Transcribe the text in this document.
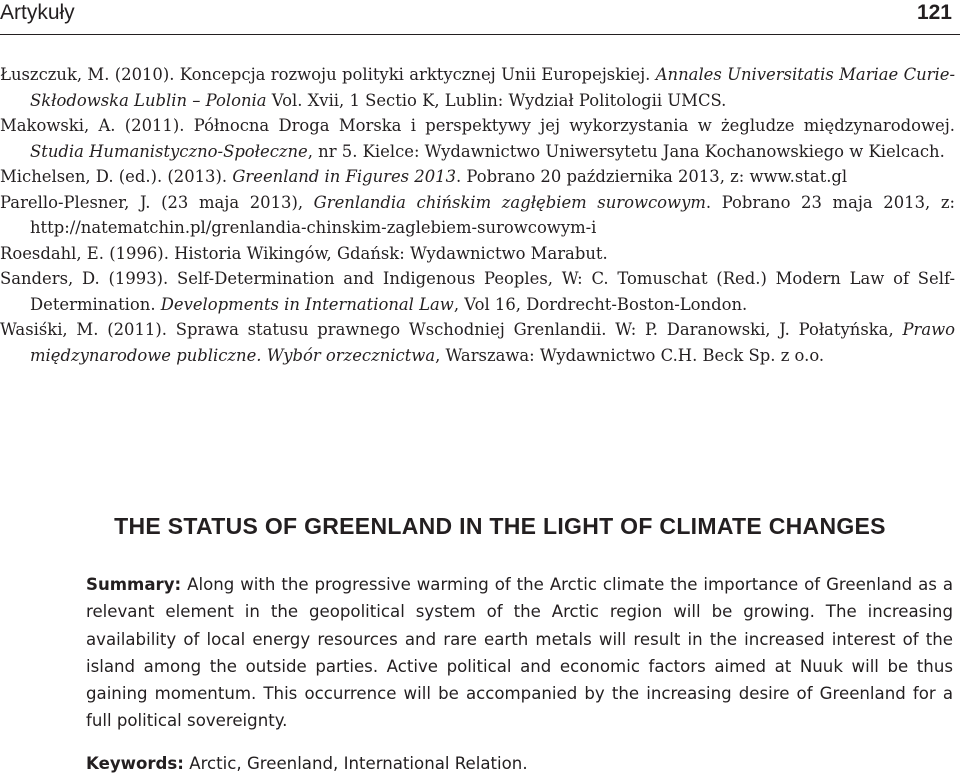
Artykuły	121
Łuszczuk, M. (2010). Koncepcja rozwoju polityki arktycznej Unii Europejskiej. Annales Universitatis Mariae Curie-Skłodowska Lublin – Polonia Vol. Xvii, 1 Sectio K, Lublin: Wydział Politologii UMCS.
Makowski, A. (2011). Północna Droga Morska i perspektywy jej wykorzystania w żegludze międzynarodowej. Studia Humanistyczno-Społeczne, nr 5. Kielce: Wydawnictwo Uniwersytetu Jana Kochanowskiego w Kielcach.
Michelsen, D. (ed.). (2013). Greenland in Figures 2013. Pobrano 20 października 2013, z: www.stat.gl
Parello-Plesner, J. (23 maja 2013), Grenlandia chińskim zagłębiem surowcowym. Pobrano 23 maja 2013, z: http://natematchin.pl/grenlandia-chinskim-zaglebiem-surowcowym-i
Roesdahl, E. (1996). Historia Wikingów, Gdańsk: Wydawnictwo Marabut.
Sanders, D. (1993). Self-Determination and Indigenous Peoples, W: C. Tomuschat (Red.) Modern Law of Self-Determination. Developments in International Law, Vol 16, Dordrecht-Boston-London.
Wasiśki, M. (2011). Sprawa statusu prawnego Wschodniej Grenlandii. W: P. Daranowski, J. Połatyńska, Prawo międzynarodowe publiczne. Wybór orzecznictwa, Warszawa: Wydawnictwo C.H. Beck Sp. z o.o.
THE STATUS OF GREENLAND IN THE LIGHT OF CLIMATE CHANGES
Summary: Along with the progressive warming of the Arctic climate the importance of Greenland as a relevant element in the geopolitical system of the Arctic region will be growing. The increasing availability of local energy resources and rare earth metals will result in the increased interest of the island among the outside parties. Active political and economic factors aimed at Nuuk will be thus gaining momentum. This occurrence will be accompanied by the increasing desire of Greenland for a full political sovereignty.
Keywords: Arctic, Greenland, International Relation.
